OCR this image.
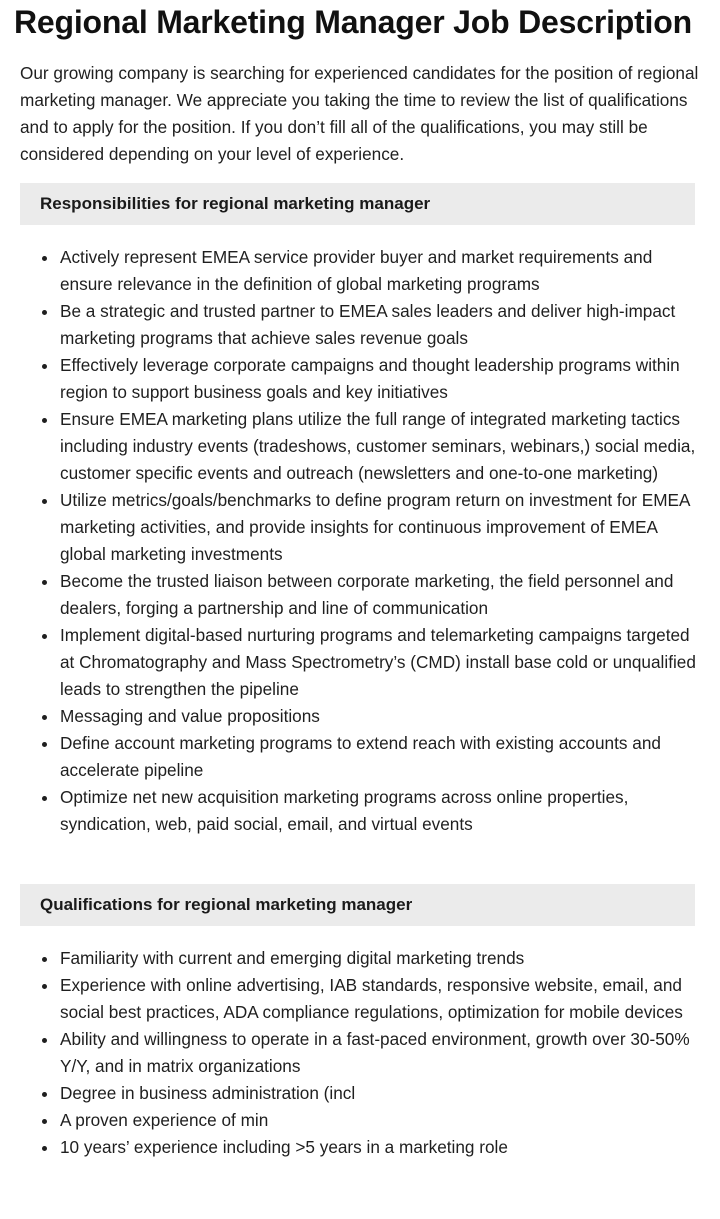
Regional Marketing Manager Job Description

Our growing company is searching for experienced candidates for the position of regional marketing manager. We appreciate you taking the time to review the list of qualifications and to apply for the position. If you don’t fill all of the qualifications, you may still be considered depending on your level of experience.

Responsibilities for regional marketing manager
Actively represent EMEA service provider buyer and market requirements and ensure relevance in the definition of global marketing programs
Be a strategic and trusted partner to EMEA sales leaders and deliver high-impact marketing programs that achieve sales revenue goals
Effectively leverage corporate campaigns and thought leadership programs within region to support business goals and key initiatives
Ensure EMEA marketing plans utilize the full range of integrated marketing tactics including industry events (tradeshows, customer seminars, webinars,) social media, customer specific events and outreach (newsletters and one-to-one marketing)
Utilize metrics/goals/benchmarks to define program return on investment for EMEA marketing activities, and provide insights for continuous improvement of EMEA global marketing investments
Become the trusted liaison between corporate marketing, the field personnel and dealers, forging a partnership and line of communication
Implement digital-based nurturing programs and telemarketing campaigns targeted at Chromatography and Mass Spectrometry’s (CMD) install base cold or unqualified leads to strengthen the pipeline
Messaging and value propositions
Define account marketing programs to extend reach with existing accounts and accelerate pipeline
Optimize net new acquisition marketing programs across online properties, syndication, web, paid social, email, and virtual events
Qualifications for regional marketing manager
Familiarity with current and emerging digital marketing trends
Experience with online advertising, IAB standards, responsive website, email, and social best practices, ADA compliance regulations, optimization for mobile devices
Ability and willingness to operate in a fast-paced environment, growth over 30-50% Y/Y, and in matrix organizations
Degree in business administration (incl
A proven experience of min
10 years’ experience including >5 years in a marketing role
